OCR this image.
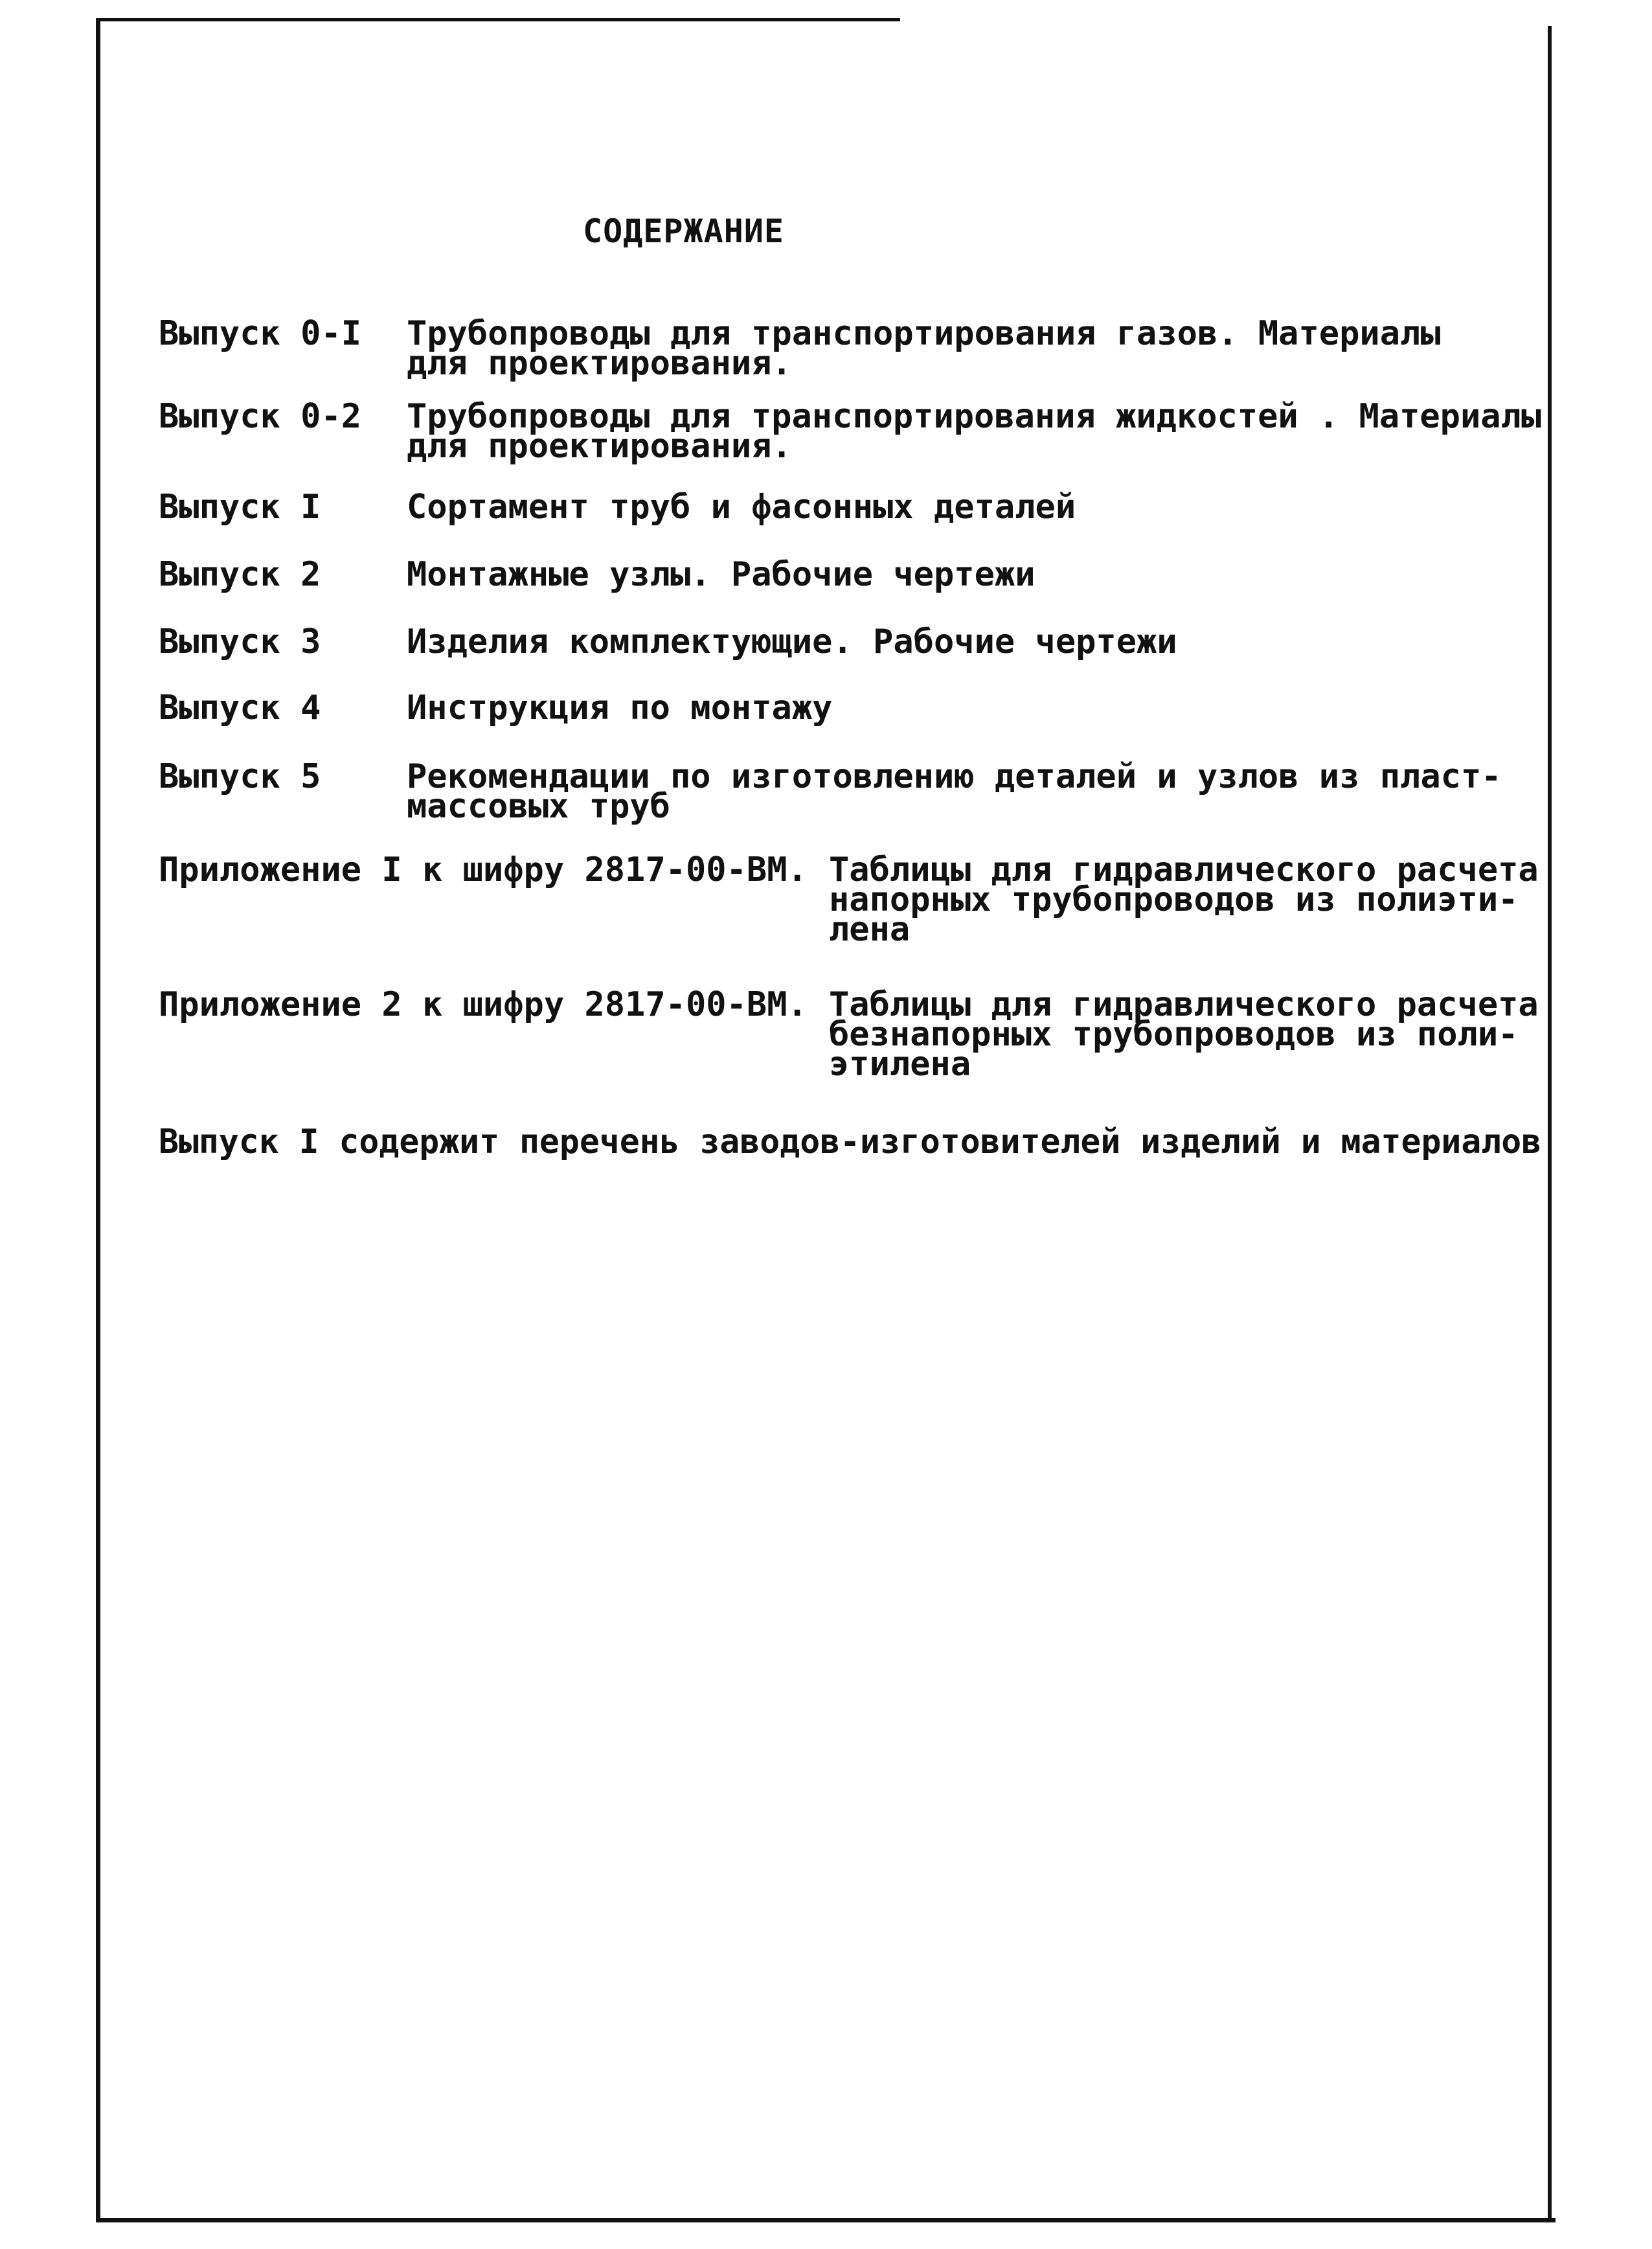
СОДЕРЖАНИЕ
Выпуск 0-I Трубопроводы для транспортирования газов. Материалы
для проектирования.
Выпуск 0-2 Трубопроводы для транспортирования жидкостей . Материалы
для проектирования.
Выпуск I	Сортамент труб и фасонных деталей
Выпуск 2	Монтажные узлы. Рабочие чертежи
Выпуск 3	Изделия комплектующие. Рабочие чертежи
Выпуск 4	Инструкция по монтажу
Выпуск 5	Рекомендации по изготовлению деталей и узлов из пласт-
массовых труб
Приложение I к шифру 2817-00-ВМ. Таблицы для гидравлического расчета
напорных трубопроводов из полиэти-
лена
Приложение 2 к шифру 2817-00-ВМ. Таблицы для гидравлического расчета
безнапорных трубопроводов из поли-
этилена
Выпуск I содержит перечень заводов-изготовителей изделий и материалов
